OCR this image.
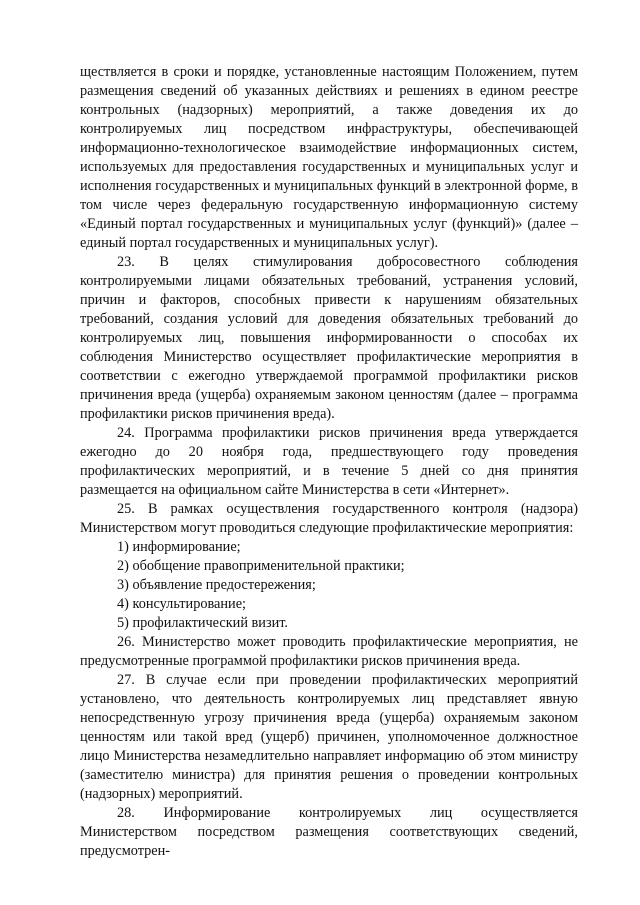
ществляется в сроки и порядке, установленные настоящим Положением, путем размещения сведений об указанных действиях и решениях в едином реестре контрольных (надзорных) мероприятий, а также доведения их до контролируемых лиц посредством инфраструктуры, обеспечивающей информационно-технологическое взаимодействие информационных систем, используемых для предоставления государственных и муниципальных услуг и исполнения государственных и муниципальных функций в электронной форме, в том числе через федеральную государственную информационную систему «Единый портал государственных и муниципальных услуг (функций)» (далее – единый портал государственных и муниципальных услуг).

23. В целях стимулирования добросовестного соблюдения контролируемыми лицами обязательных требований, устранения условий, причин и факторов, способных привести к нарушениям обязательных требований, создания условий для доведения обязательных требований до контролируемых лиц, повышения информированности о способах их соблюдения Министерство осуществляет профилактические мероприятия в соответствии с ежегодно утверждаемой программой профилактики рисков причинения вреда (ущерба) охраняемым законом ценностям (далее – программа профилактики рисков причинения вреда).

24. Программа профилактики рисков причинения вреда утверждается ежегодно до 20 ноября года, предшествующего году проведения профилактических мероприятий, и в течение 5 дней со дня принятия размещается на официальном сайте Министерства в сети «Интернет».

25. В рамках осуществления государственного контроля (надзора) Министерством могут проводиться следующие профилактические мероприятия:

1) информирование;
2) обобщение правоприменительной практики;
3) объявление предостережения;
4) консультирование;
5) профилактический визит.

26. Министерство может проводить профилактические мероприятия, не предусмотренные программой профилактики рисков причинения вреда.

27. В случае если при проведении профилактических мероприятий установлено, что деятельность контролируемых лиц представляет явную непосредственную угрозу причинения вреда (ущерба) охраняемым законом ценностям или такой вред (ущерб) причинен, уполномоченное должностное лицо Министерства незамедлительно направляет информацию об этом министру (заместителю министра) для принятия решения о проведении контрольных (надзорных) мероприятий.

28. Информирование контролируемых лиц осуществляется Министерством посредством размещения соответствующих сведений, предусмотрен-
